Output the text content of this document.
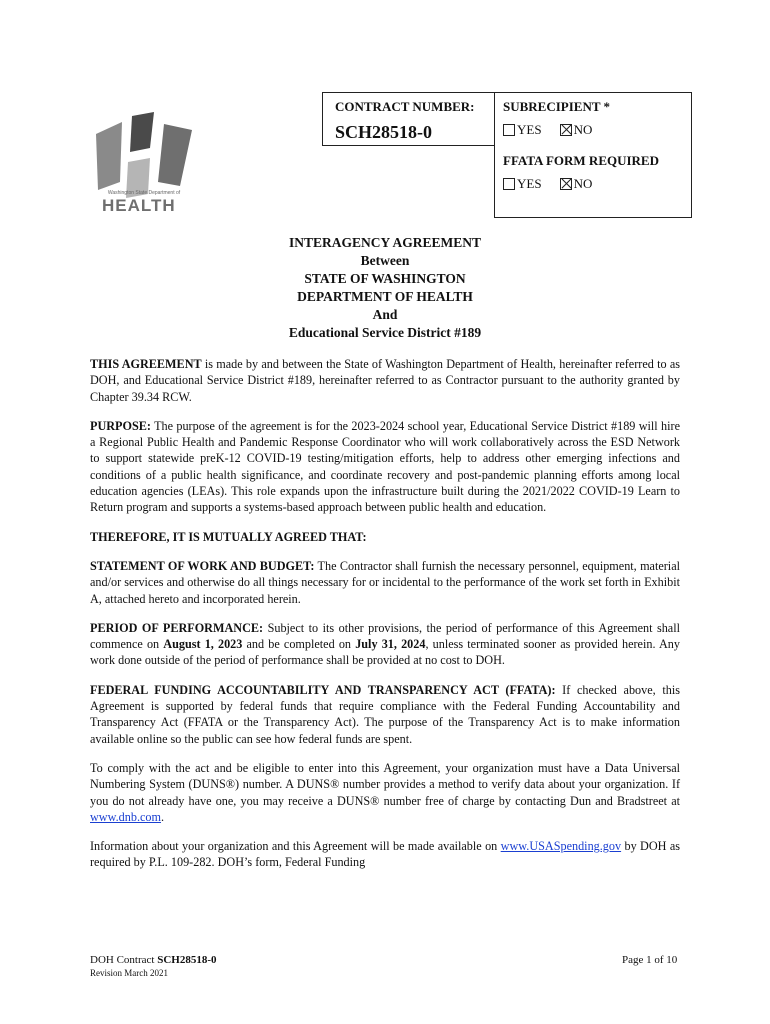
Washington State Department of
HEALTH
CONTRACT NUMBER:
SCH28518-0
SUBRECIPIENT *
YES NO
FFATA FORM REQUIRED
YES NO
INTERAGENCY AGREEMENT
Between
STATE OF WASHINGTON
DEPARTMENT OF HEALTH
And
Educational Service District #189

THIS AGREEMENT is made by and between the State of Washington Department of Health, hereinafter referred to as DOH, and Educational Service District #189, hereinafter referred to as Contractor pursuant to the authority granted by Chapter 39.34 RCW.

PURPOSE: The purpose of the agreement is for the 2023-2024 school year, Educational Service District #189 will hire a Regional Public Health and Pandemic Response Coordinator who will work collaboratively across the ESD Network to support statewide preK-12 COVID-19 testing/mitigation efforts, help to address other emerging infections and conditions of a public health significance, and coordinate recovery and post-pandemic planning efforts among local education agencies (LEAs). This role expands upon the infrastructure built during the 2021/2022 COVID-19 Learn to Return program and supports a systems-based approach between public health and education.

THEREFORE, IT IS MUTUALLY AGREED THAT:

STATEMENT OF WORK AND BUDGET: The Contractor shall furnish the necessary personnel, equipment, material and/or services and otherwise do all things necessary for or incidental to the performance of the work set forth in Exhibit A, attached hereto and incorporated herein.

PERIOD OF PERFORMANCE: Subject to its other provisions, the period of performance of this Agreement shall commence on August 1, 2023 and be completed on July 31, 2024, unless terminated sooner as provided herein. Any work done outside of the period of performance shall be provided at no cost to DOH.

FEDERAL FUNDING ACCOUNTABILITY AND TRANSPARENCY ACT (FFATA): If checked above, this Agreement is supported by federal funds that require compliance with the Federal Funding Accountability and Transparency Act (FFATA or the Transparency Act). The purpose of the Transparency Act is to make information available online so the public can see how federal funds are spent.

To comply with the act and be eligible to enter into this Agreement, your organization must have a Data Universal Numbering System (DUNS®) number. A DUNS® number provides a method to verify data about your organization. If you do not already have one, you may receive a DUNS® number free of charge by contacting Dun and Bradstreet at www.dnb.com.

Information about your organization and this Agreement will be made available on www.USASpending.gov by DOH as required by P.L. 109-282. DOH’s form, Federal Funding

DOH Contract SCH28518-0
Revision March 2021
Page 1 of 10
